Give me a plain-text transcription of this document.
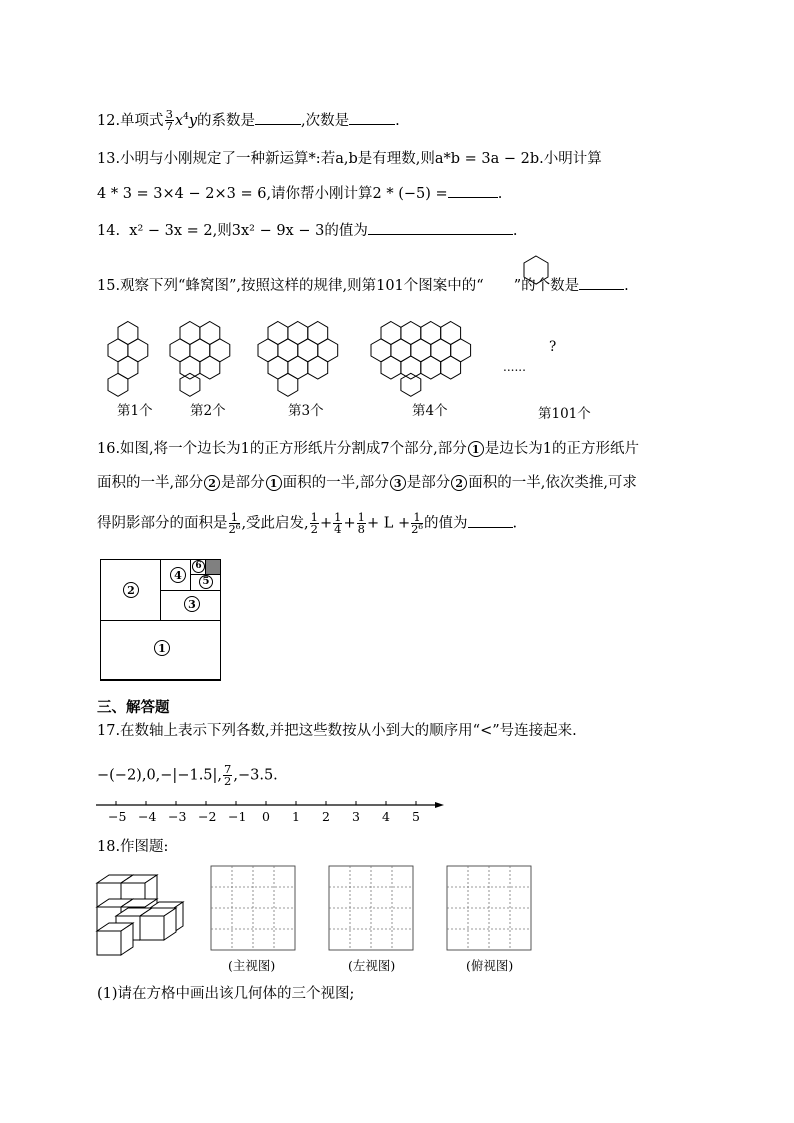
12.单项式 $\frac{3}{7} x^4y$的系数是	,次数是	.
13.小明与小刚规定了一种新运算*:若a,b是有理数,则a*b = 3a − 2b.小明计算
4 * 3 = 3×4 − 2×3 = 6,请你帮小刚计算2 * (−5) =	.
14. x² − 3x = 2,则3x² − 9x − 3的值为	.
15.观察下列“蜂窝图”,按照这样的规律,则第101个图案中的“ ”的个数是	.
第1个	第2个	第3个	第4个	第101个
......
?
16.如图,将一个边长为1的正方形纸片分割成7个部分,部分 1 是边长为1的正方形纸片
面积的一半,部分 2 是部分 1 面积的一半,部分 3 是部分 2 面积的一半,依次类推,可求
得阴影部分的面积是 $\frac{1}{\text{2⁶}}$ ,受此启发, $\frac{1}{2} + \frac{1}{4} + \frac{1}{8} + L + \frac{1}{\text{2⁶}}$ 的值为	.
1
2
3
4	5
6
三、解答题
17.在数轴上表示下列各数,并把这些数按从小到大的顺序用“<”号连接起来.
−(−2),0,−|−1.5|, $\frac{7}{2} ,-3.5$.
−5 −4 −3 −2 −1 0 1 2 3 4 5
18.作图题:
(主视图)	(左视图)	(俯视图)
(1)请在方格中画出该几何体的三个视图;
